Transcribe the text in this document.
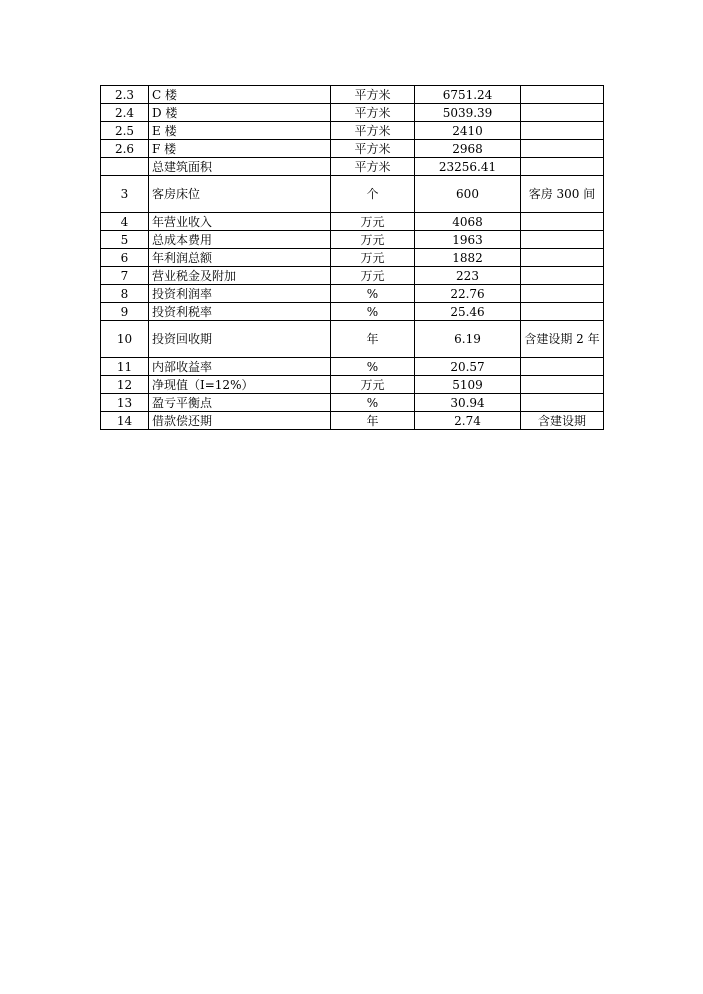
2.3	C 楼	平方米	6751.24	
2.4	D 楼	平方米	5039.39	
2.5	E 楼	平方米	2410	
2.6	F 楼	平方米	2968	
	总建筑面积	平方米	23256.41	
3	客房床位	个	600	客房 300 间
4	年营业收入	万元	4068	
5	总成本费用	万元	1963	
6	年利润总额	万元	1882	
7	营业税金及附加	万元	223	
8	投资利润率	%	22.76	
9	投资利税率	%	25.46	
10	投资回收期	年	6.19	含建设期 2 年
11	内部收益率	%	20.57	
12	净现值（I=12%）	万元	5109	
13	盈亏平衡点	%	30.94	
14	借款偿还期	年	2.74	含建设期
